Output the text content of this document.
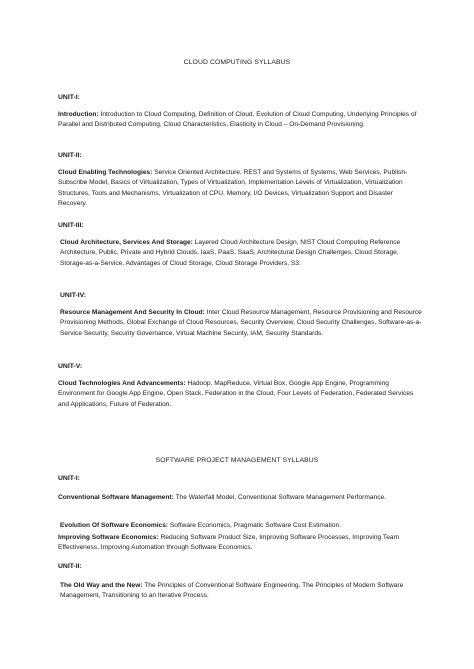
CLOUD COMPUTING SYLLABUS
UNIT-I:
Introduction: Introduction to Cloud Computing, Definition of Cloud, Evolution of Cloud Computing, Underlying Principles of Parallel and Distributed Computing, Cloud Characteristics, Elasticity in Cloud – On-Demand Provisioning.
UNIT-II:
Cloud Enabling Technologies: Service Oriented Architecture, REST and Systems of Systems, Web Services, Publish-Subscribe Model, Basics of Virtualization, Types of Virtualization, Implementation Levels of Virtualization, Virtualization Structures, Tools and Mechanisms, Virtualization of CPU, Memory, I/O Devices, Virtualization Support and Disaster Recovery.
UNIT-III:
Cloud Architecture, Services And Storage: Layered Cloud Architecture Design, NIST Cloud Computing Reference Architecture, Public, Private and Hybrid Clouds, IaaS, PaaS, SaaS, Architectural Design Challenges, Cloud Storage, Storage-as-a-Service, Advantages of Cloud Storage, Cloud Storage Providers, S3.
UNIT-IV:
Resource Management And Security In Cloud: Inter Cloud Resource Management, Resource Provisioning and Resource Provisioning Methods, Global Exchange of Cloud Resources, Security Overview, Cloud Security Challenges, Software-as-a-Service Security, Security Governance, Virtual Machine Security, IAM, Security Standards.
UNIT-V:
Cloud Technologies And Advancements: Hadoop, MapReduce, Virtual Box, Google App Engine, Programming Environment for Google App Engine, Open Stack, Federation in the Cloud, Four Levels of Federation, Federated Services and Applications, Future of Federation.
SOFTWARE PROJECT MANAGEMENT SYLLABUS
UNIT-I:
Conventional Software Management: The Waterfall Model, Conventional Software Management Performance.
Evolution Of Software Economics: Software Economics, Pragmatic Software Cost Estimation.
Improving Software Economics: Reducing Software Product Size, Improving Software Processes, Improving Team Effectiveness, Improving Automation through Software Economics.
UNIT-II:
The Old Way and the New: The Principles of Conventional Software Engineering, The Principles of Modern Software Management, Transitioning to an Iterative Process.
